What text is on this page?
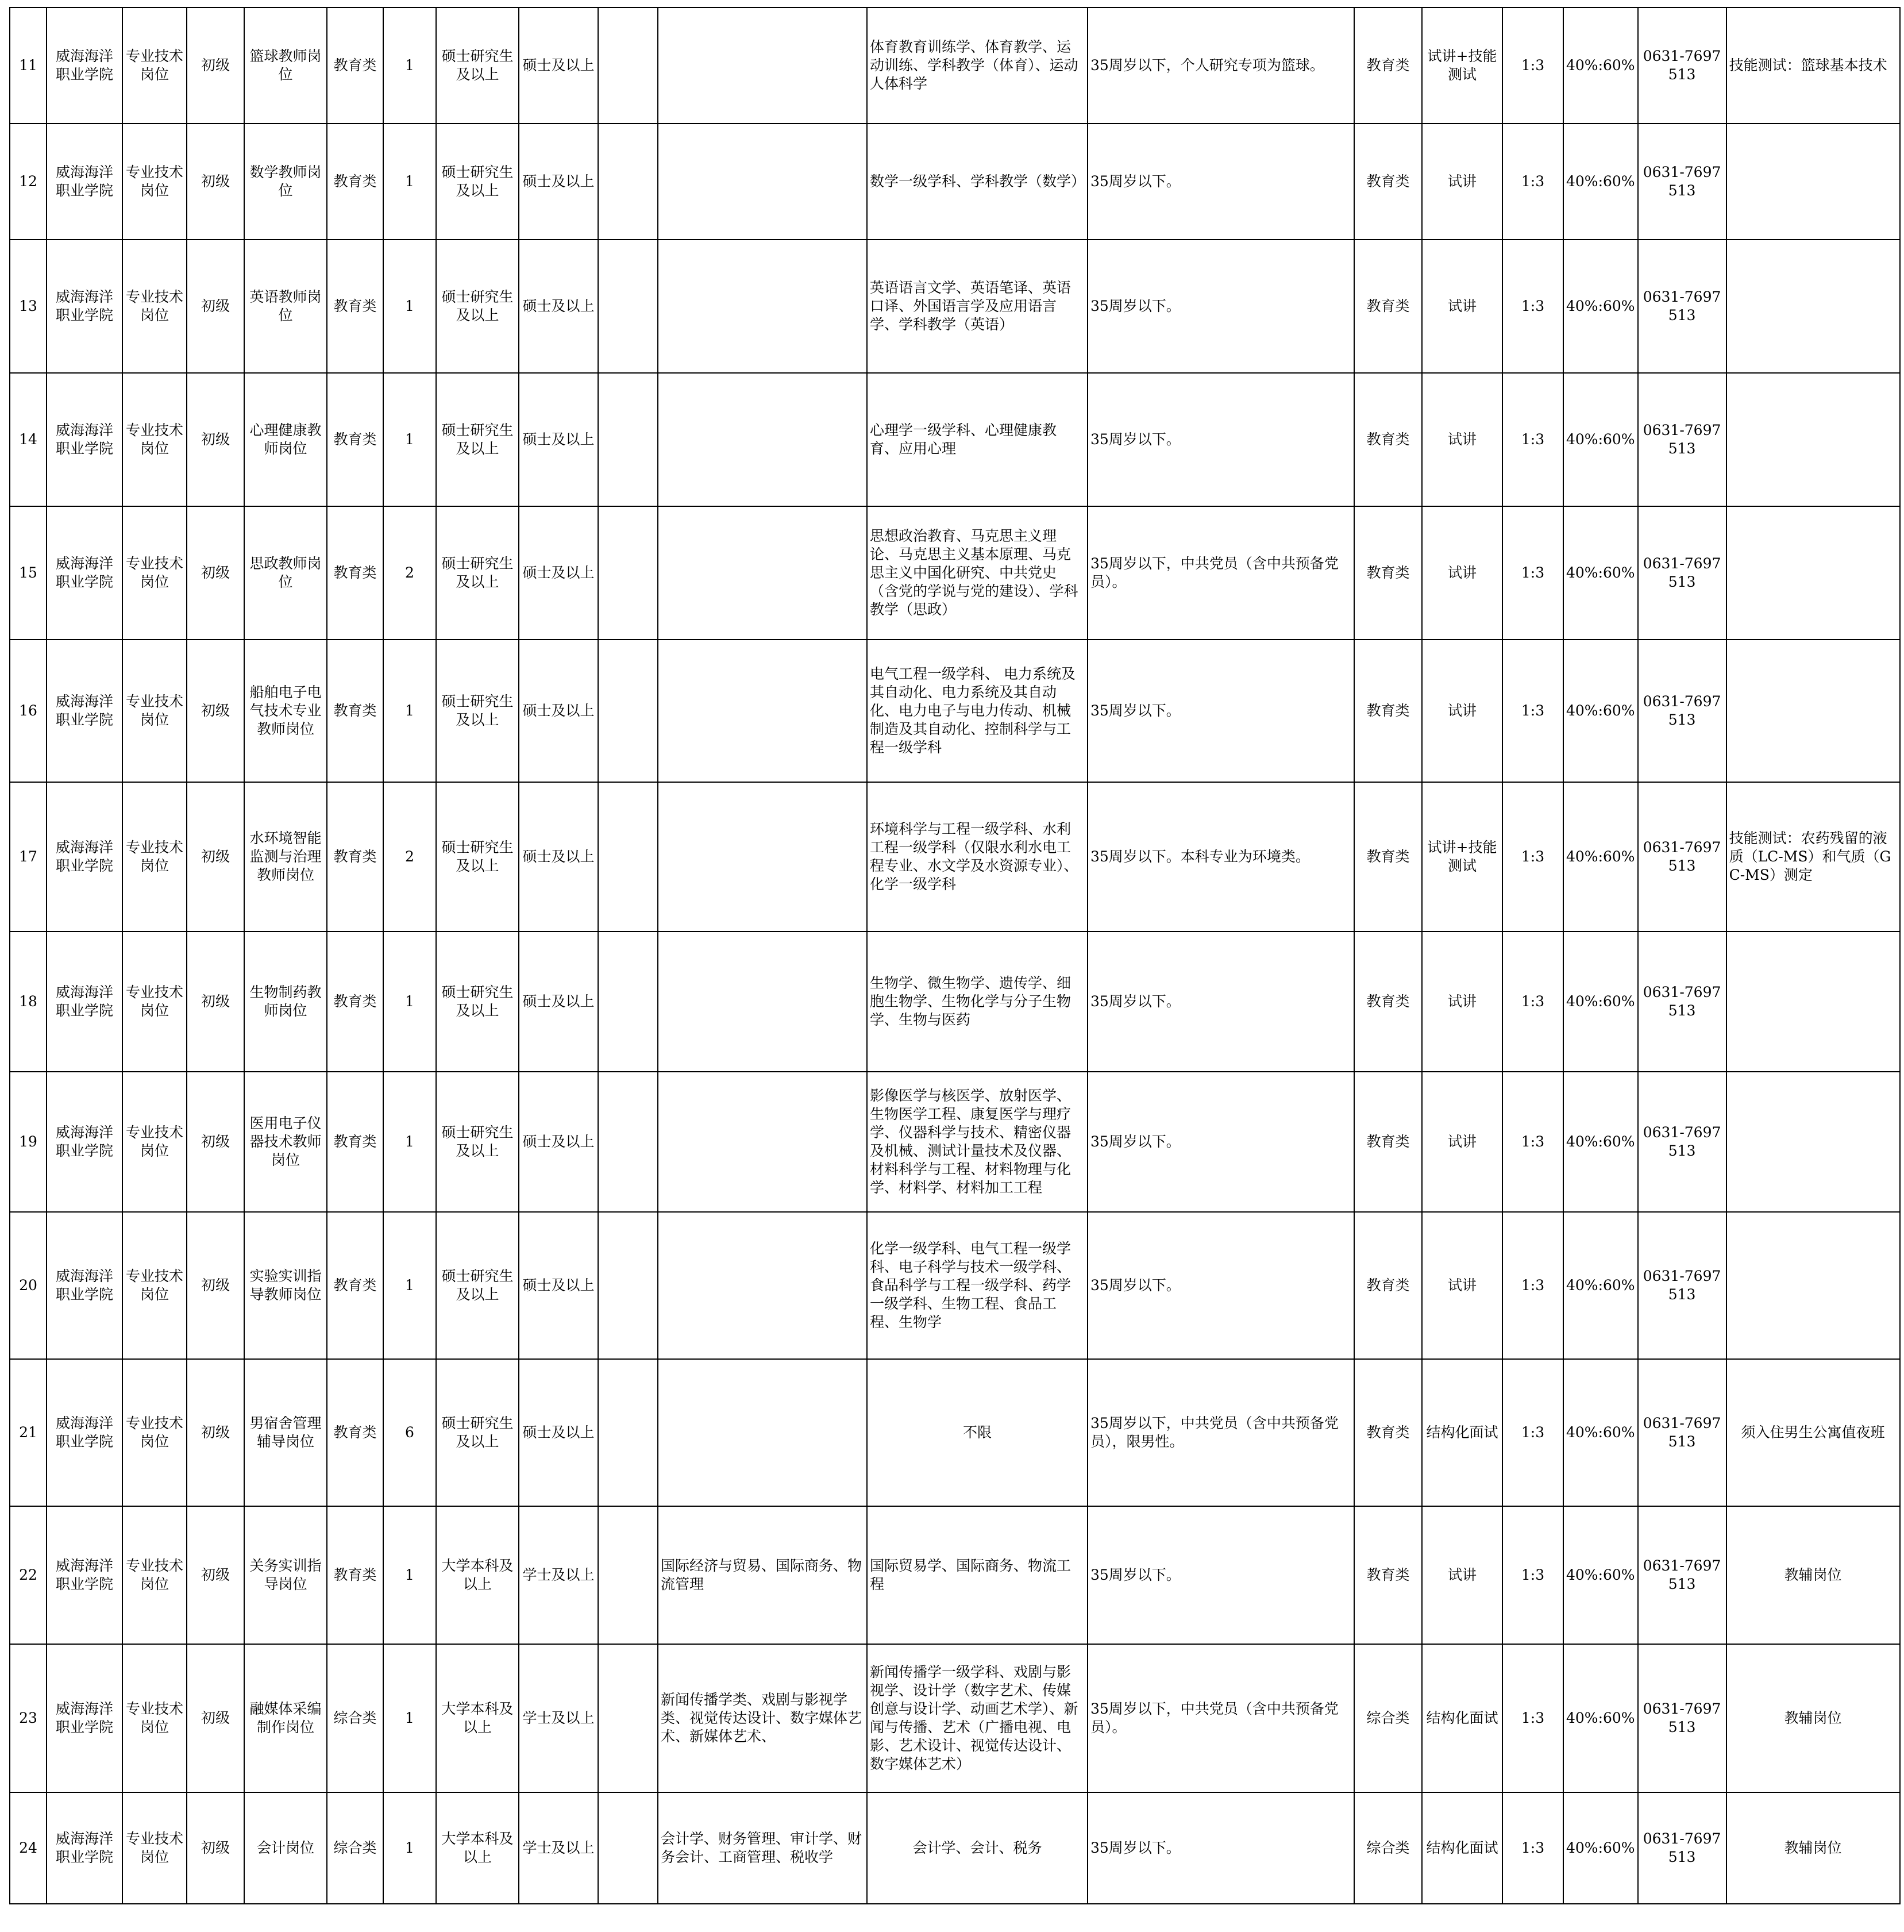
11	威海海洋职业学院	专业技术岗位	初级	篮球教师岗位	教育类	1	硕士研究生及以上	硕士及以上			体育教育训练学、体育教学、运动训练、学科教学（体育）、运动人体科学	35周岁以下，个人研究专项为篮球。	教育类	试讲+技能测试	1:3	40%:60%	0631-7697513	技能测试：篮球基本技术
12	威海海洋职业学院	专业技术岗位	初级	数学教师岗位	教育类	1	硕士研究生及以上	硕士及以上			数学一级学科、学科教学（数学）	35周岁以下。	教育类	试讲	1:3	40%:60%	0631-7697513	
13	威海海洋职业学院	专业技术岗位	初级	英语教师岗位	教育类	1	硕士研究生及以上	硕士及以上			英语语言文学、英语笔译、英语口译、外国语言学及应用语言学、学科教学（英语）	35周岁以下。	教育类	试讲	1:3	40%:60%	0631-7697513	
14	威海海洋职业学院	专业技术岗位	初级	心理健康教师岗位	教育类	1	硕士研究生及以上	硕士及以上			心理学一级学科、心理健康教育、应用心理	35周岁以下。	教育类	试讲	1:3	40%:60%	0631-7697513	
15	威海海洋职业学院	专业技术岗位	初级	思政教师岗位	教育类	2	硕士研究生及以上	硕士及以上			思想政治教育、马克思主义理论、马克思主义基本原理、马克思主义中国化研究、中共党史（含党的学说与党的建设）、学科教学（思政）	35周岁以下，中共党员（含中共预备党员）。	教育类	试讲	1:3	40%:60%	0631-7697513	
16	威海海洋职业学院	专业技术岗位	初级	船舶电子电气技术专业教师岗位	教育类	1	硕士研究生及以上	硕士及以上			电气工程一级学科、 电力系统及其自动化、电力系统及其自动化、电力电子与电力传动、机械制造及其自动化、控制科学与工程一级学科	35周岁以下。	教育类	试讲	1:3	40%:60%	0631-7697513	
17	威海海洋职业学院	专业技术岗位	初级	水环境智能监测与治理教师岗位	教育类	2	硕士研究生及以上	硕士及以上			环境科学与工程一级学科、水利工程一级学科（仅限水利水电工程专业、水文学及水资源专业）、化学一级学科	35周岁以下。本科专业为环境类。	教育类	试讲+技能测试	1:3	40%:60%	0631-7697513	技能测试：农药残留的液质（LC-MS）和气质（GC-MS）测定
18	威海海洋职业学院	专业技术岗位	初级	生物制药教师岗位	教育类	1	硕士研究生及以上	硕士及以上			生物学、微生物学、遗传学、细胞生物学、生物化学与分子生物学、生物与医药	35周岁以下。	教育类	试讲	1:3	40%:60%	0631-7697513	
19	威海海洋职业学院	专业技术岗位	初级	医用电子仪器技术教师岗位	教育类	1	硕士研究生及以上	硕士及以上			影像医学与核医学、放射医学、生物医学工程、康复医学与理疗学、仪器科学与技术、精密仪器及机械、测试计量技术及仪器、材料科学与工程、材料物理与化学、材料学、材料加工工程	35周岁以下。	教育类	试讲	1:3	40%:60%	0631-7697513	
20	威海海洋职业学院	专业技术岗位	初级	实验实训指导教师岗位	教育类	1	硕士研究生及以上	硕士及以上			化学一级学科、电气工程一级学科、电子科学与技术一级学科、食品科学与工程一级学科、药学一级学科、生物工程、食品工程、生物学	35周岁以下。	教育类	试讲	1:3	40%:60%	0631-7697513	
21	威海海洋职业学院	专业技术岗位	初级	男宿舍管理辅导岗位	教育类	6	硕士研究生及以上	硕士及以上			不限	35周岁以下，中共党员（含中共预备党员），限男性。	教育类	结构化面试	1:3	40%:60%	0631-7697513	须入住男生公寓值夜班
22	威海海洋职业学院	专业技术岗位	初级	关务实训指导岗位	教育类	1	大学本科及以上	学士及以上		国际经济与贸易、国际商务、物流管理	国际贸易学、国际商务、物流工程	35周岁以下。	教育类	试讲	1:3	40%:60%	0631-7697513	教辅岗位
23	威海海洋职业学院	专业技术岗位	初级	融媒体采编制作岗位	综合类	1	大学本科及以上	学士及以上		新闻传播学类、戏剧与影视学类、视觉传达设计、数字媒体艺术、新媒体艺术、	新闻传播学一级学科、戏剧与影视学、设计学（数字艺术、传媒创意与设计学、动画艺术学）、新闻与传播、艺术（广播电视、电影、艺术设计、视觉传达设计、数字媒体艺术）	35周岁以下，中共党员（含中共预备党员）。	综合类	结构化面试	1:3	40%:60%	0631-7697513	教辅岗位
24	威海海洋职业学院	专业技术岗位	初级	会计岗位	综合类	1	大学本科及以上	学士及以上		会计学、财务管理、审计学、财务会计、工商管理、税收学	会计学、会计、税务	35周岁以下。	综合类	结构化面试	1:3	40%:60%	0631-7697513	教辅岗位
